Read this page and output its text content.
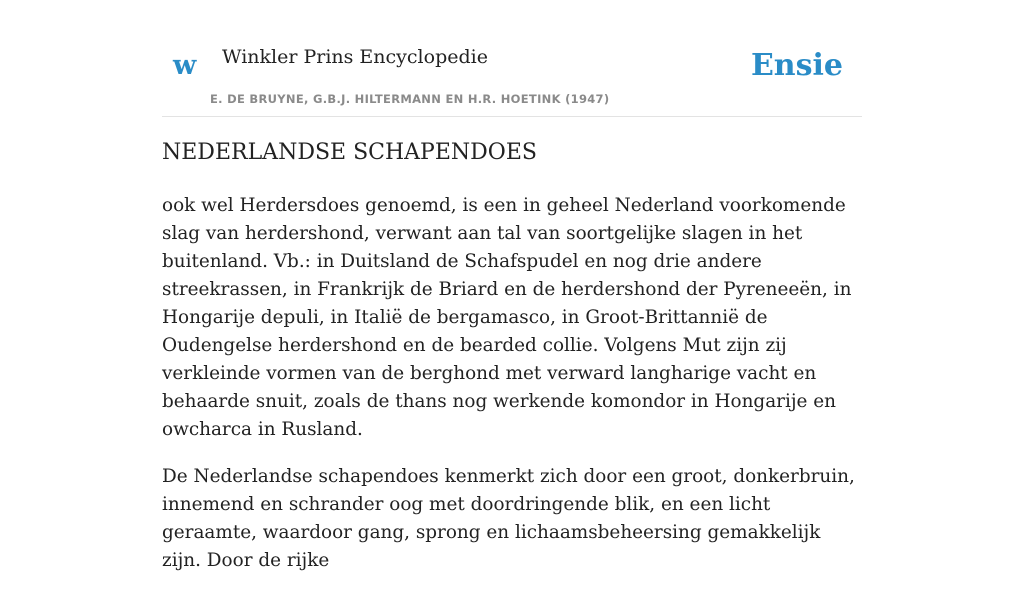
w Winkler Prins Encyclopedie
E. DE BRUYNE, G.B.J. HILTERMANN EN H.R. HOETINK (1947)
Ensie
NEDERLANDSE SCHAPENDOES

ook wel Herdersdoes genoemd, is een in geheel Nederland voorkomende slag van herdershond, verwant aan tal van soortgelijke slagen in het buitenland. Vb.: in Duitsland de Schafspudel en nog drie andere streekrassen, in Frankrijk de Briard en de herdershond der Pyreneeën, in Hongarije depuli, in Italië de bergamasco, in Groot-Brittannië de Oudengelse herdershond en de bearded collie. Volgens Mut zijn zij verkleinde vormen van de berghond met verward langharige vacht en behaarde snuit, zoals de thans nog werkende komondor in Hongarije en owcharca in Rusland.

De Nederlandse schapendoes kenmerkt zich door een groot, donkerbruin, innemend en schrander oog met doordringende blik, en een licht geraamte, waardoor gang, sprong en lichaamsbeheersing gemakkelijk zijn. Door de rijke
